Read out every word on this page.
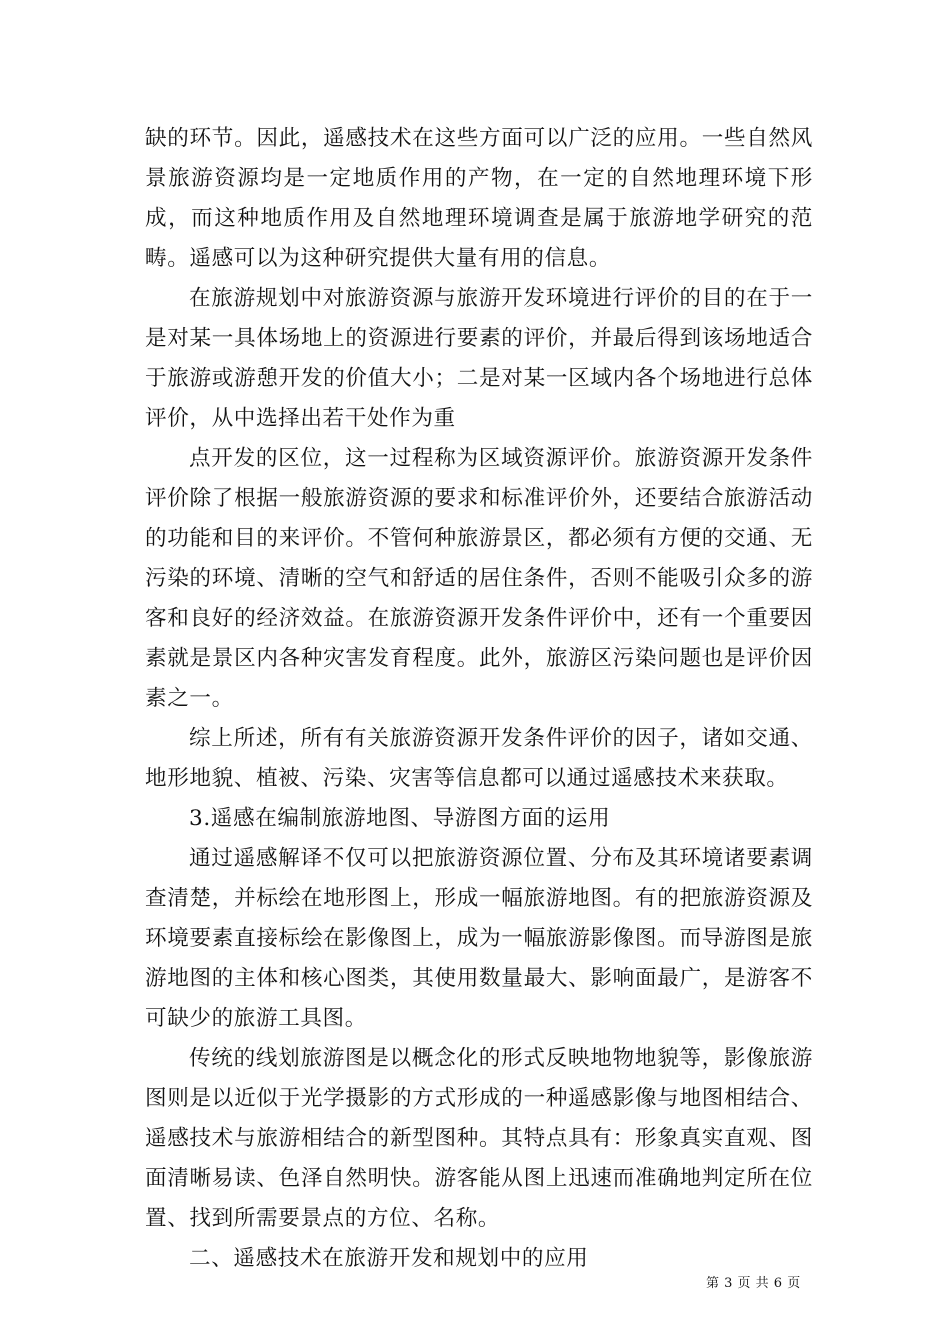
缺的环节。因此，遥感技术在这些方面可以广泛的应用。一些自然风景旅游资源均是一定地质作用的产物，在一定的自然地理环境下形成，而这种地质作用及自然地理环境调查是属于旅游地学研究的范畴。遥感可以为这种研究提供大量有用的信息。

在旅游规划中对旅游资源与旅游开发环境进行评价的目的在于一是对某一具体场地上的资源进行要素的评价，并最后得到该场地适合于旅游或游憩开发的价值大小；二是对某一区域内各个场地进行总体评价，从中选择出若干处作为重

点开发的区位，这一过程称为区域资源评价。旅游资源开发条件评价除了根据一般旅游资源的要求和标准评价外，还要结合旅游活动的功能和目的来评价。不管何种旅游景区，都必须有方便的交通、无污染的环境、清晰的空气和舒适的居住条件，否则不能吸引众多的游客和良好的经济效益。在旅游资源开发条件评价中，还有一个重要因素就是景区内各种灾害发育程度。此外，旅游区污染问题也是评价因素之一。

综上所述，所有有关旅游资源开发条件评价的因子，诸如交通、地形地貌、植被、污染、灾害等信息都可以通过遥感技术来获取。

3.遥感在编制旅游地图、导游图方面的运用

通过遥感解译不仅可以把旅游资源位置、分布及其环境诸要素调查清楚，并标绘在地形图上，形成一幅旅游地图。有的把旅游资源及环境要素直接标绘在影像图上，成为一幅旅游影像图。而导游图是旅游地图的主体和核心图类，其使用数量最大、影响面最广，是游客不可缺少的旅游工具图。

传统的线划旅游图是以概念化的形式反映地物地貌等，影像旅游图则是以近似于光学摄影的方式形成的一种遥感影像与地图相结合、遥感技术与旅游相结合的新型图种。其特点具有：形象真实直观、图面清晰易读、色泽自然明快。游客能从图上迅速而准确地判定所在位置、找到所需要景点的方位、名称。

二、遥感技术在旅游开发和规划中的应用

第 3 页 共 6 页
